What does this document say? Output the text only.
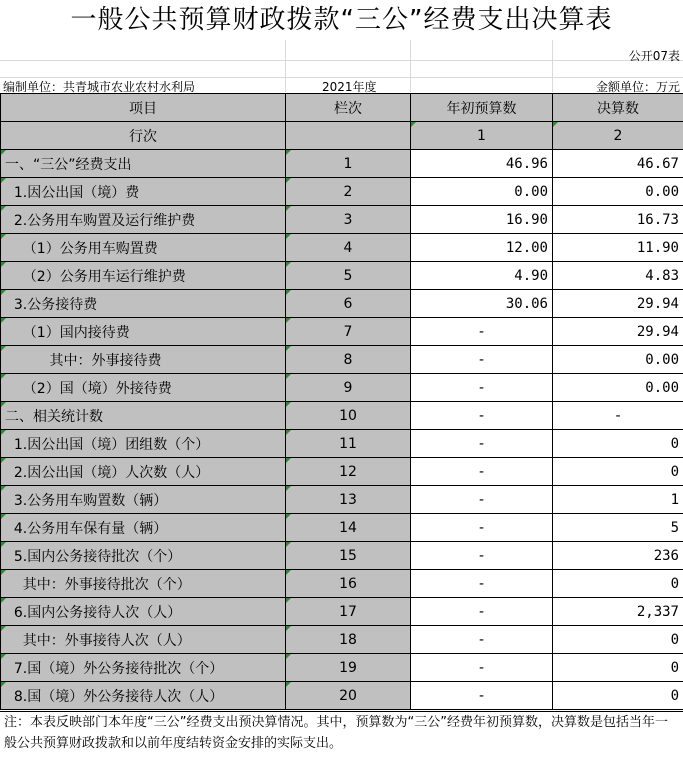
一般公共预算财政拨款“三公”经费支出决算表
公开07表
编制单位：共青城市农业农村水利局	2021年度	金额单位：万元
项目	栏次	年初预算数	决算数
行次		1	2
一、“三公”经费支出	1	46.96	46.67
1.因公出国（境）费	2	0.00	0.00
2.公务用车购置及运行维护费	3	16.90	16.73
（1）公务用车购置费	4	12.00	11.90
（2）公务用车运行维护费	5	4.90	4.83
3.公务接待费	6	30.06	29.94
（1）国内接待费	7	-	29.94
其中：外事接待费	8	-	0.00
（2）国（境）外接待费	9	-	0.00
二、相关统计数	10	-	-
1.因公出国（境）团组数（个）	11	-	0
2.因公出国（境）人次数（人）	12	-	0
3.公务用车购置数（辆）	13	-	1
4.公务用车保有量（辆）	14	-	5
5.国内公务接待批次（个）	15	-	236
其中：外事接待批次（个）	16	-	0
6.国内公务接待人次（人）	17	-	2,337
其中：外事接待人次（人）	18	-	0
7.国（境）外公务接待批次（个）	19	-	0
8.国（境）外公务接待人次（人）	20	-	0
注：本表反映部门本年度“三公”经费支出预决算情况。其中，预算数为“三公”经费年初预算数，决算数是包括当年一般公共预算财政拨款和以前年度结转资金安排的实际支出。
